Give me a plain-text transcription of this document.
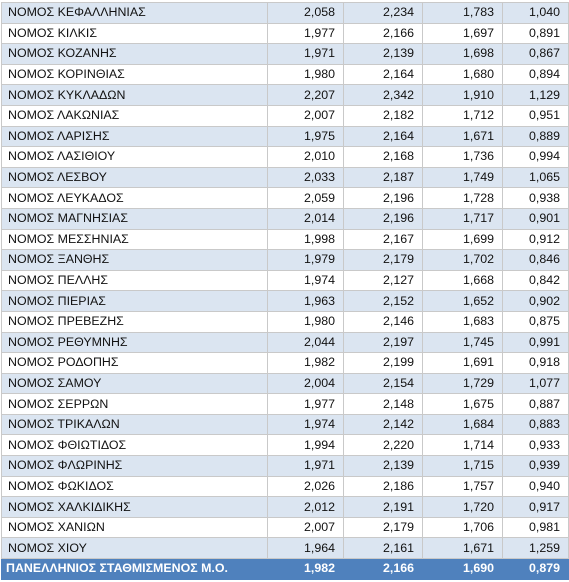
ΝΟΜΟΣ ΚΕΦΑΛΛΗΝΙΑΣ	2,058	2,234	1,783	1,040
ΝΟΜΟΣ ΚΙΛΚΙΣ	1,977	2,166	1,697	0,891
ΝΟΜΟΣ ΚΟΖΑΝΗΣ	1,971	2,139	1,698	0,867
ΝΟΜΟΣ ΚΟΡΙΝΘΙΑΣ	1,980	2,164	1,680	0,894
ΝΟΜΟΣ ΚΥΚΛΑΔΩΝ	2,207	2,342	1,910	1,129
ΝΟΜΟΣ ΛΑΚΩΝΙΑΣ	2,007	2,182	1,712	0,951
ΝΟΜΟΣ ΛΑΡΙΣΗΣ	1,975	2,164	1,671	0,889
ΝΟΜΟΣ ΛΑΣΙΘΙΟΥ	2,010	2,168	1,736	0,994
ΝΟΜΟΣ ΛΕΣΒΟΥ	2,033	2,187	1,749	1,065
ΝΟΜΟΣ ΛΕΥΚΑΔΟΣ	2,059	2,196	1,728	0,938
ΝΟΜΟΣ ΜΑΓΝΗΣΙΑΣ	2,014	2,196	1,717	0,901
ΝΟΜΟΣ ΜΕΣΣΗΝΙΑΣ	1,998	2,167	1,699	0,912
ΝΟΜΟΣ ΞΑΝΘΗΣ	1,979	2,179	1,702	0,846
ΝΟΜΟΣ ΠΕΛΛΗΣ	1,974	2,127	1,668	0,842
ΝΟΜΟΣ ΠΙΕΡΙΑΣ	1,963	2,152	1,652	0,902
ΝΟΜΟΣ ΠΡΕΒΕΖΗΣ	1,980	2,146	1,683	0,875
ΝΟΜΟΣ ΡΕΘΥΜΝΗΣ	2,044	2,197	1,745	0,991
ΝΟΜΟΣ ΡΟΔΟΠΗΣ	1,982	2,199	1,691	0,918
ΝΟΜΟΣ ΣΑΜΟΥ	2,004	2,154	1,729	1,077
ΝΟΜΟΣ ΣΕΡΡΩΝ	1,977	2,148	1,675	0,887
ΝΟΜΟΣ ΤΡΙΚΑΛΩΝ	1,974	2,142	1,684	0,883
ΝΟΜΟΣ ΦΘΙΩΤΙΔΟΣ	1,994	2,220	1,714	0,933
ΝΟΜΟΣ ΦΛΩΡΙΝΗΣ	1,971	2,139	1,715	0,939
ΝΟΜΟΣ ΦΩΚΙΔΟΣ	2,026	2,186	1,757	0,940
ΝΟΜΟΣ ΧΑΛΚΙΔΙΚΗΣ	2,012	2,191	1,720	0,917
ΝΟΜΟΣ ΧΑΝΙΩΝ	2,007	2,179	1,706	0,981
ΝΟΜΟΣ ΧΙΟΥ	1,964	2,161	1,671	1,259
ΠΑΝΕΛΛΗΝΙΟΣ ΣΤΑΘΜΙΣΜΕΝΟΣ Μ.Ο.	1,982	2,166	1,690	0,879
